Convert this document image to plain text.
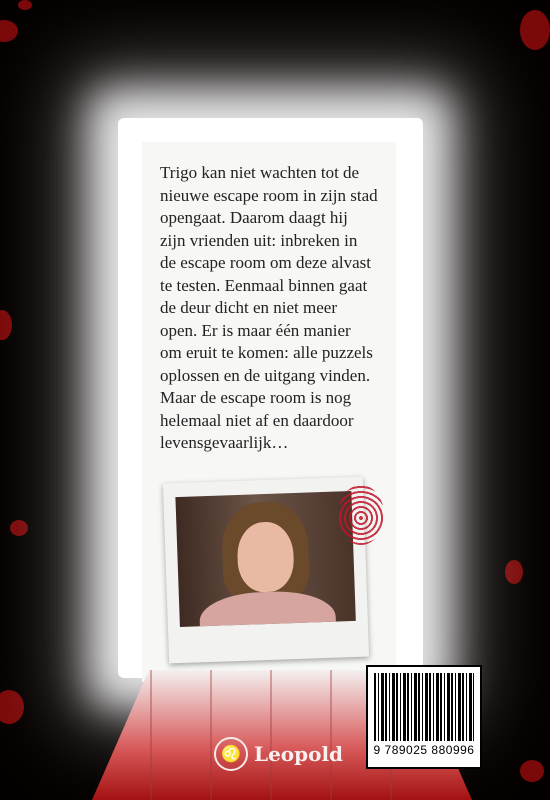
Trigo kan niet wachten tot de
nieuwe escape room in zijn stad
opengaat. Daarom daagt hij
zijn vrienden uit: inbreken in
de escape room om deze alvast
te testen. Eenmaal binnen gaat
de deur dicht en niet meer
open. Er is maar één manier
om eruit te komen: alle puzzels
oplossen en de uitgang vinden.
Maar de escape room is nog
helemaal niet af en daardoor
levensgevaarlijk…
9 789025 880996
♌ Leopold
